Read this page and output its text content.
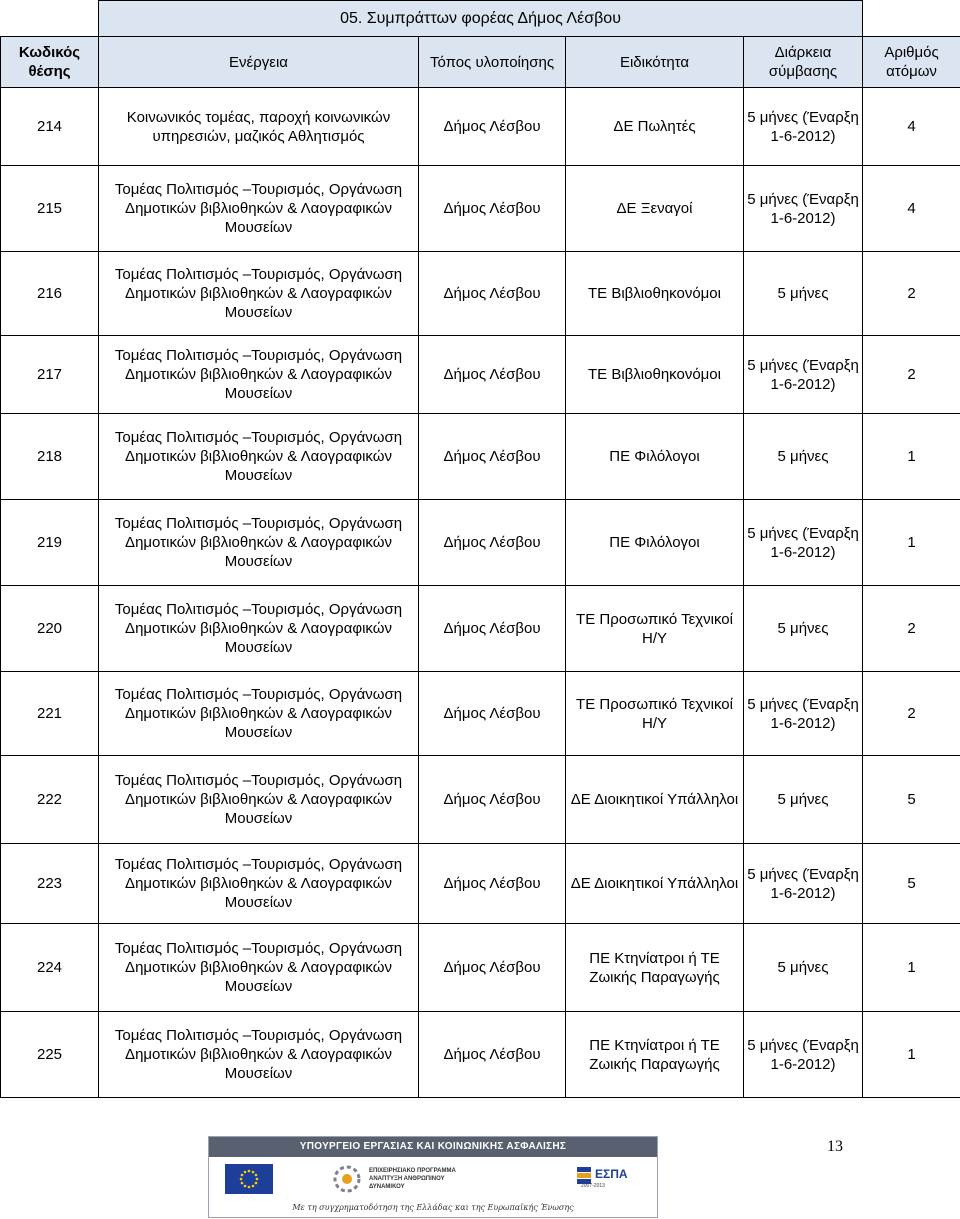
	05. Συμπράττων φορέας Δήμος Λέσβου				
Κωδικός θέσης	Ενέργεια	Τόπος υλοποίησης	Ειδικότητα	Διάρκεια σύμβασης	Αριθμός ατόμων
214	Κοινωνικός τομέας, παροχή κοινωνικών υπηρεσιών, μαζικός Αθλητισμός	Δήμος Λέσβου	ΔΕ Πωλητές	5 μήνες (Έναρξη 1-6-2012)	4
215	Τομέας Πολιτισμός –Τουρισμός, Οργάνωση Δημοτικών βιβλιοθηκών & Λαογραφικών Μουσείων	Δήμος Λέσβου	ΔΕ Ξεναγοί	5 μήνες (Έναρξη 1-6-2012)	4
216	Τομέας Πολιτισμός –Τουρισμός, Οργάνωση Δημοτικών βιβλιοθηκών & Λαογραφικών Μουσείων	Δήμος Λέσβου	ΤΕ Βιβλιοθηκονόμοι	5 μήνες	2
217	Τομέας Πολιτισμός –Τουρισμός, Οργάνωση Δημοτικών βιβλιοθηκών & Λαογραφικών Μουσείων	Δήμος Λέσβου	ΤΕ Βιβλιοθηκονόμοι	5 μήνες (Έναρξη 1-6-2012)	2
218	Τομέας Πολιτισμός –Τουρισμός, Οργάνωση Δημοτικών βιβλιοθηκών & Λαογραφικών Μουσείων	Δήμος Λέσβου	ΠΕ Φιλόλογοι	5 μήνες	1
219	Τομέας Πολιτισμός –Τουρισμός, Οργάνωση Δημοτικών βιβλιοθηκών & Λαογραφικών Μουσείων	Δήμος Λέσβου	ΠΕ Φιλόλογοι	5 μήνες (Έναρξη 1-6-2012)	1
220	Τομέας Πολιτισμός –Τουρισμός, Οργάνωση Δημοτικών βιβλιοθηκών & Λαογραφικών Μουσείων	Δήμος Λέσβου	ΤΕ Προσωπικό Τεχνικοί Η/Υ	5 μήνες	2
221	Τομέας Πολιτισμός –Τουρισμός, Οργάνωση Δημοτικών βιβλιοθηκών & Λαογραφικών Μουσείων	Δήμος Λέσβου	ΤΕ Προσωπικό Τεχνικοί Η/Υ	5 μήνες (Έναρξη 1-6-2012)	2
222	Τομέας Πολιτισμός –Τουρισμός, Οργάνωση Δημοτικών βιβλιοθηκών & Λαογραφικών Μουσείων	Δήμος Λέσβου	ΔΕ Διοικητικοί Υπάλληλοι	5 μήνες	5
223	Τομέας Πολιτισμός –Τουρισμός, Οργάνωση Δημοτικών βιβλιοθηκών & Λαογραφικών Μουσείων	Δήμος Λέσβου	ΔΕ Διοικητικοί Υπάλληλοι	5 μήνες (Έναρξη 1-6-2012)	5
224	Τομέας Πολιτισμός –Τουρισμός, Οργάνωση Δημοτικών βιβλιοθηκών & Λαογραφικών Μουσείων	Δήμος Λέσβου	ΠΕ Κτηνίατροι ή ΤΕ Ζωικής Παραγωγής	5 μήνες	1
225	Τομέας Πολιτισμός –Τουρισμός, Οργάνωση Δημοτικών βιβλιοθηκών & Λαογραφικών Μουσείων	Δήμος Λέσβου	ΠΕ Κτηνίατροι ή ΤΕ Ζωικής Παραγωγής	5 μήνες (Έναρξη 1-6-2012)	1
13
ΥΠΟΥΡΓΕΙΟ ΕΡΓΑΣΙΑΣ ΚΑΙ ΚΟΙΝΩΝΙΚΗΣ ΑΣΦΑΛΙΣΗΣ
ΕΠΙΧΕΙΡΗΣΙΑΚΟ ΠΡΟΓΡΑΜΜΑ ΑΝΑΠΤΥΞΗ ΑΝΘΡΩΠΙΝΟΥ ΔΥΝΑΜΙΚΟΥ
ΕΣΠΑ
2007-2013
Με τη συγχρηματοδότηση της Ελλάδας και της Ευρωπαϊκής Ένωσης
